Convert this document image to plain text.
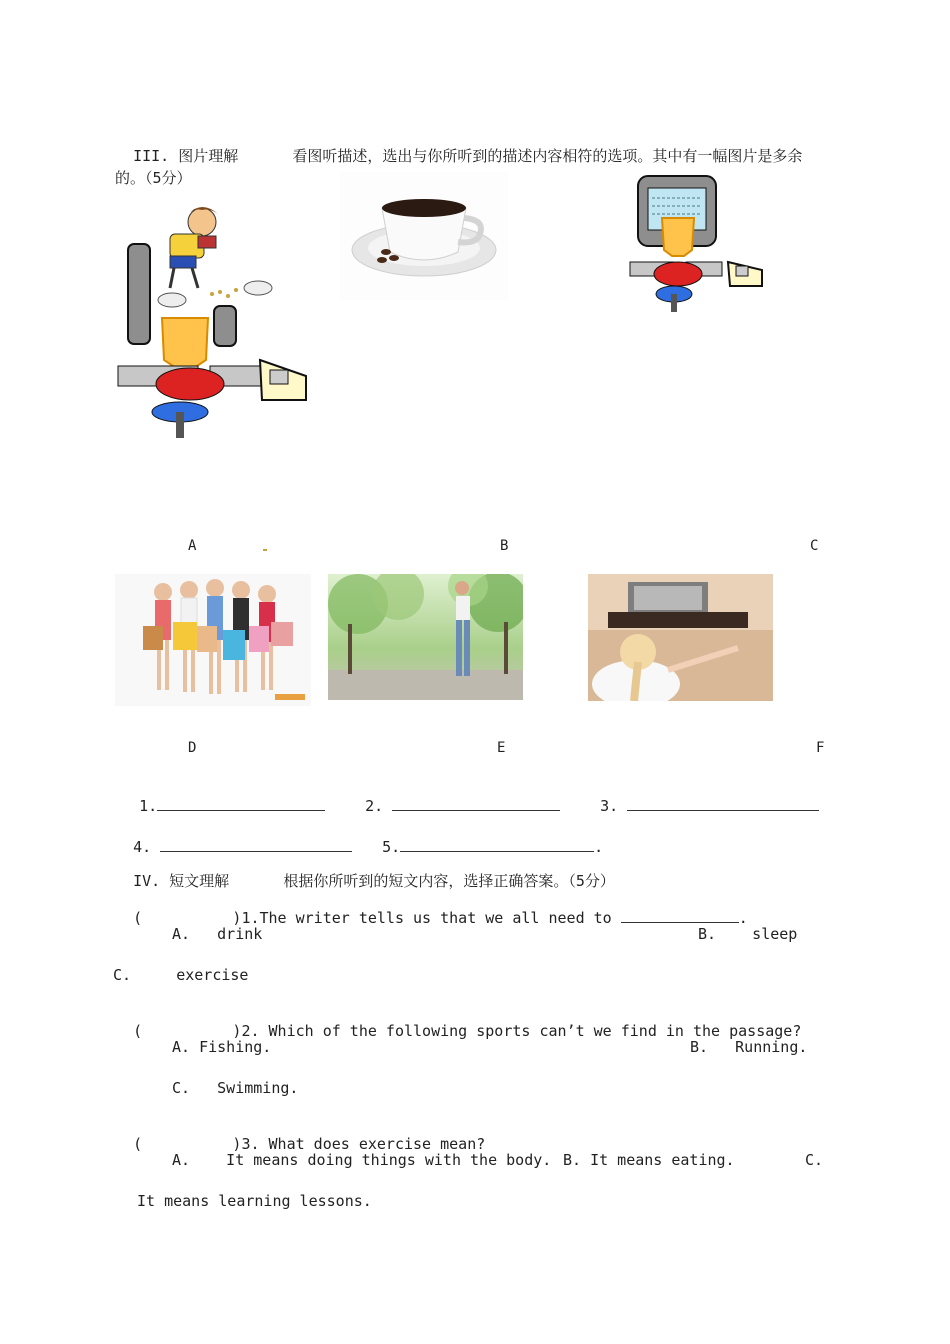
III. 图片理解	看图听描述，选出与你所听到的描述内容相符的选项。其中有一幅图片是多余

的。（5分）
A	B	C
D	E	F

1.	2.	3.

4.	5.	.

IV. 短文理解	根据你所听到的短文内容，选择正确答案。（5分）

(          )1.The writer tells us that we all need to	.

A.   drink	B.    sleep
C.     exercise

(          )2. Which of the following sports can’t we find in the passage?

A. Fishing.	B.   Running.
C.   Swimming.

(          )3. What does exercise mean?

A.    It means doing things with the body. B. It means eating.	C.
It means learning lessons.
